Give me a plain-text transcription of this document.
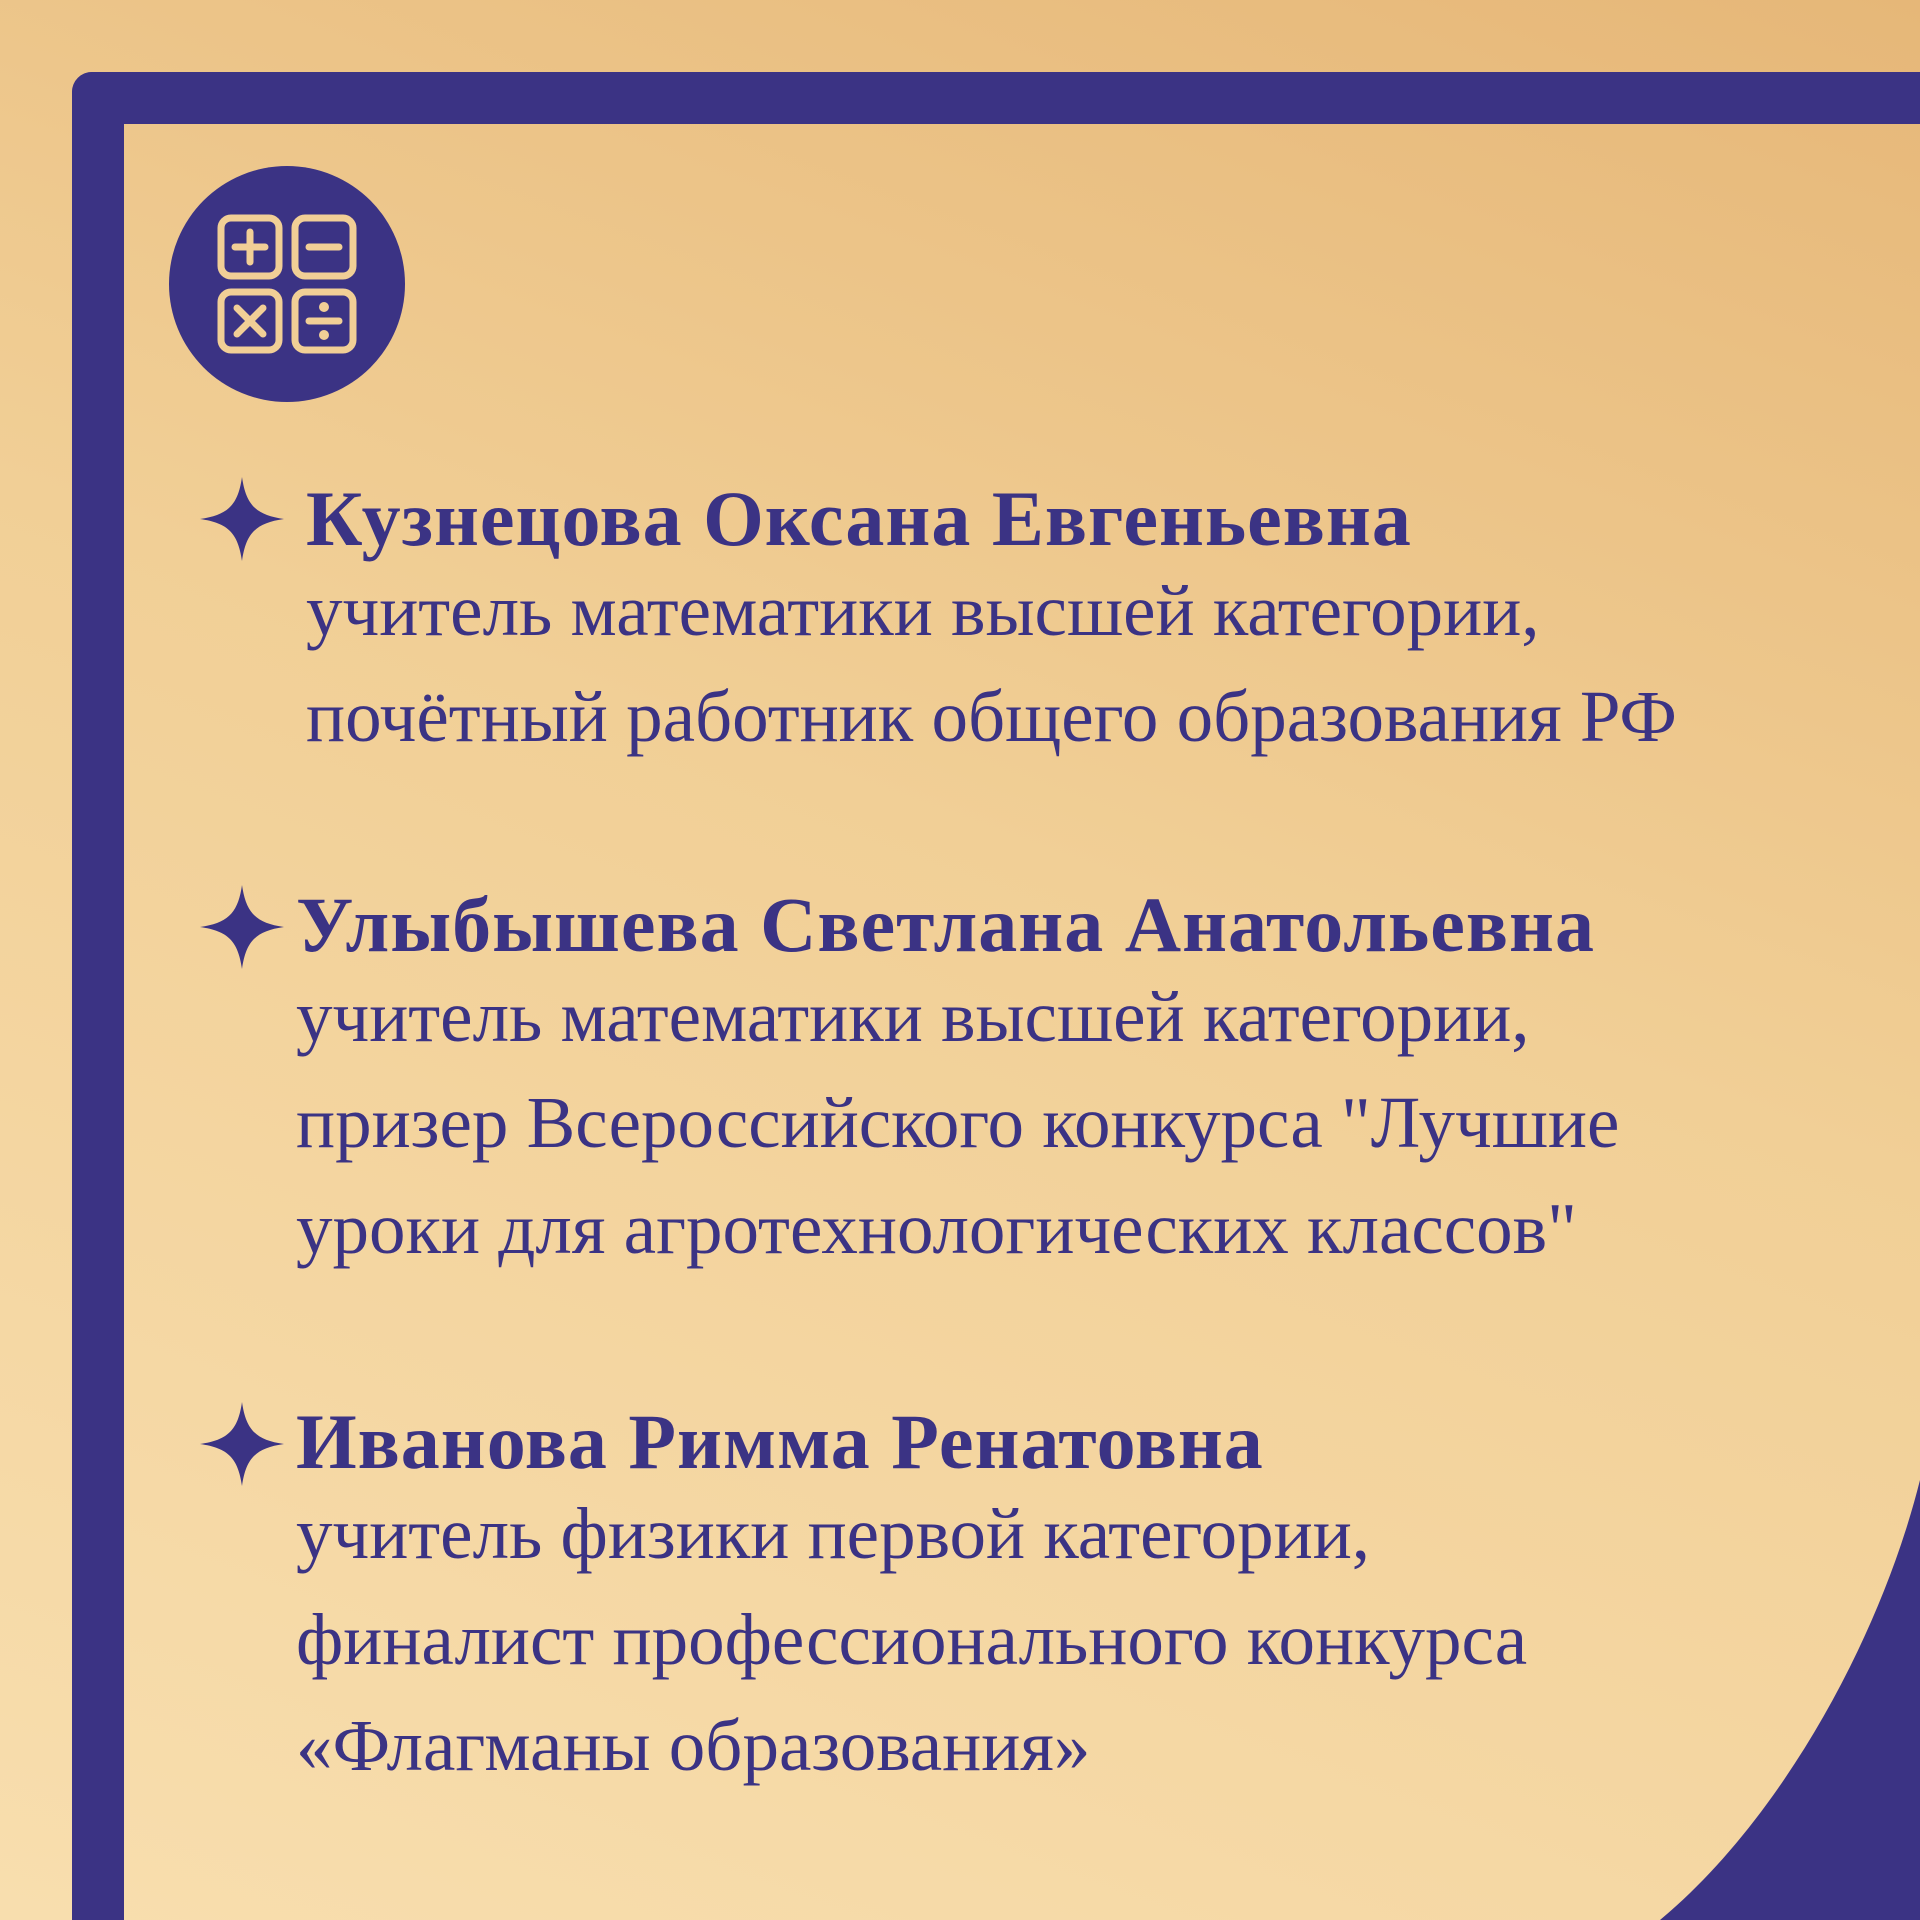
Кузнецова Оксана Евгеньевна
учитель математики высшей категории,
почётный работник общего образования РФ
Улыбышева Светлана Анатольевна
учитель математики высшей категории,
призер Всероссийского конкурса "Лучшие
уроки для агротехнологических классов"
Иванова Римма Ренатовна
учитель физики первой категории,
финалист профессионального конкурса
«Флагманы образования»
